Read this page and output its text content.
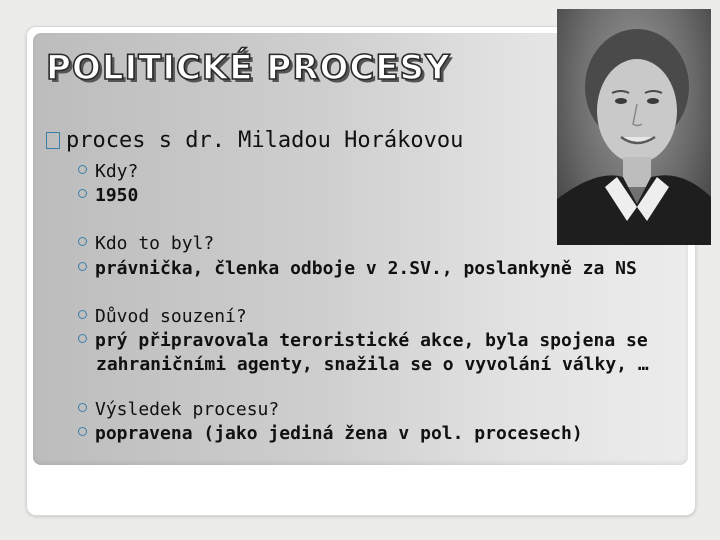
POLITICKÉ PROCESY
proces s dr. Miladou Horákovou
Kdy?
1950
Kdo to byl?
právnička, členka odboje v 2.SV., poslankyně za NS
Důvod souzení?
prý připravovala teroristické akce, byla spojena se
zahraničními agenty, snažila se o vyvolání války, …
Výsledek procesu?
popravena (jako jediná žena v pol. procesech)
